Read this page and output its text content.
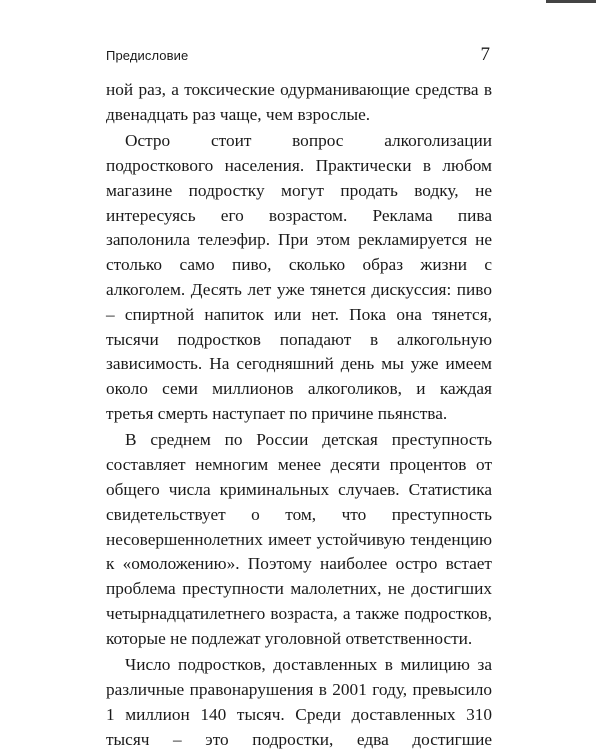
Предисловие	7

ной раз, а токсические одурманивающие средства в двенадцать раз чаще, чем взрослые.

Остро стоит вопрос алкоголизации подросткового населения. Практически в любом магазине подростку могут продать водку, не интересуясь его возрастом. Реклама пива заполонила телеэфир. При этом рекламируется не столько само пиво, сколько образ жизни с алкоголем. Десять лет уже тянется дискуссия: пиво – спиртной напиток или нет. Пока она тянется, тысячи подростков попадают в алкогольную зависимость. На сегодняшний день мы уже имеем около семи миллионов алкоголиков, и каждая третья смерть наступает по причине пьянства.

В среднем по России детская преступность составляет немногим менее десяти процентов от общего числа криминальных случаев. Статистика свидетельствует о том, что преступность несовершеннолетних имеет устойчивую тенденцию к «омоложению». Поэтому наиболее остро встает проблема преступности малолетних, не достигших четырнадцатилетнего возраста, а также подростков, которые не подлежат уголовной ответственности.

Число подростков, доставленных в милицию за различные правонарушения в 2001 году, превысило 1 миллион 140 тысяч. Среди доставленных 310 тысяч – это подростки, едва достигшие
